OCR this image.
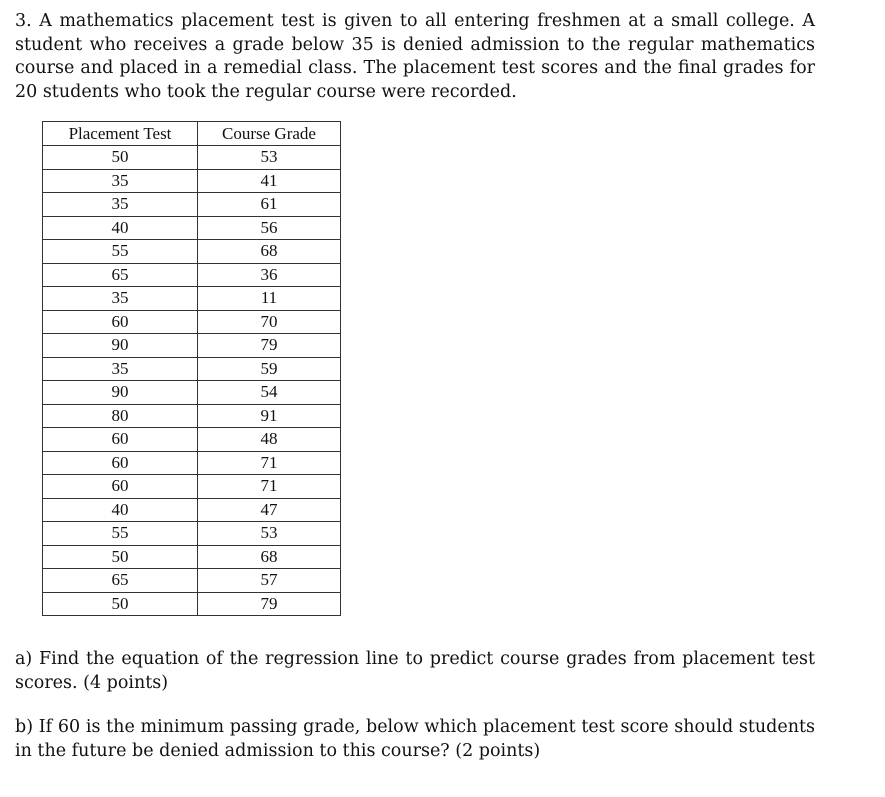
3. A mathematics placement test is given to all entering freshmen at a small college. A student who receives a grade below 35 is denied admission to the regular mathematics course and placed in a remedial class. The placement test scores and the final grades for 20 students who took the regular course were recorded.

Placement Test	Course Grade
50	53
35	41
35	61
40	56
55	68
65	36
35	11
60	70
90	79
35	59
90	54
80	91
60	48
60	71
60	71
40	47
55	53
50	68
65	57
50	79

a) Find the equation of the regression line to predict course grades from placement test scores. (4 points)

b) If 60 is the minimum passing grade, below which placement test score should students in the future be denied admission to this course? (2 points)
